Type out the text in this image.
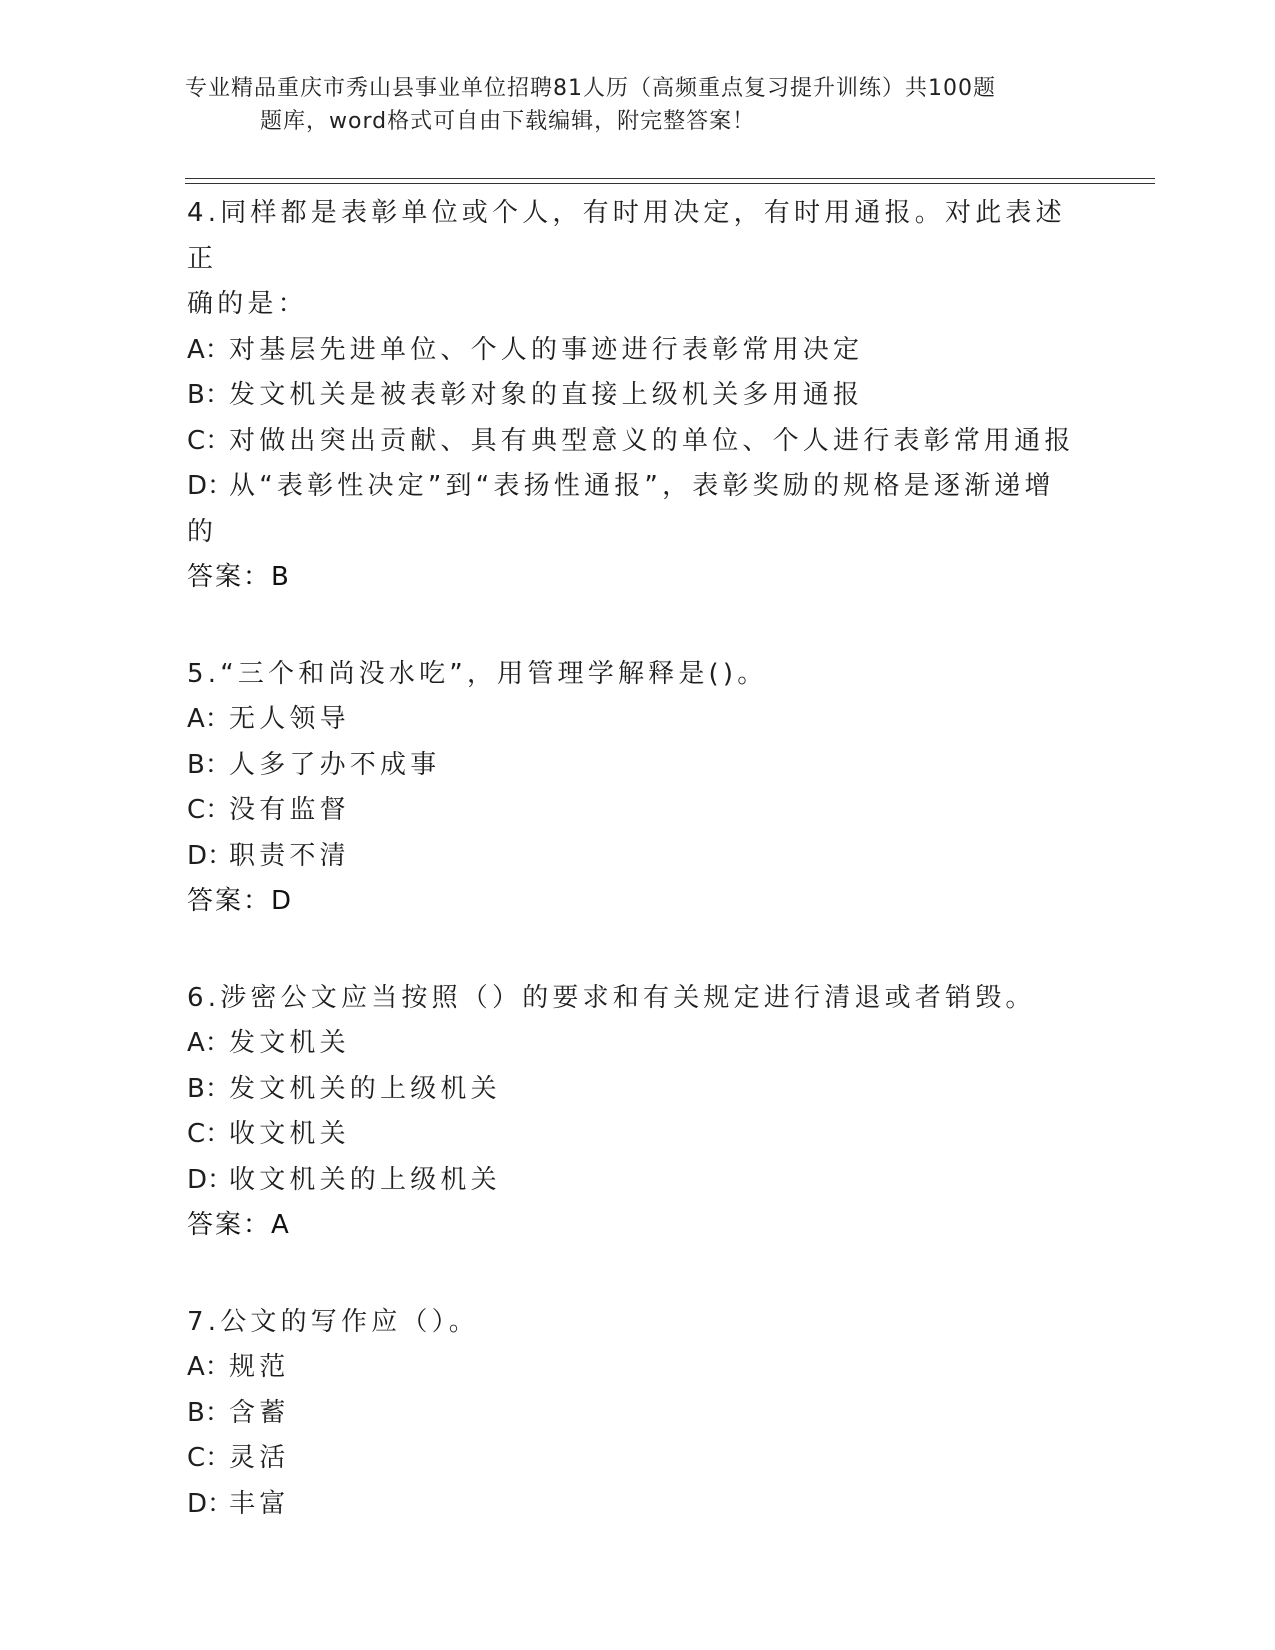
专业精品重庆市秀山县事业单位招聘81人历（高频重点复习提升训练）共100题
题库，word格式可自由下载编辑，附完整答案！
4.同样都是表彰单位或个人，有时用决定，有时用通报。对此表述正
确的是：
A：对基层先进单位、个人的事迹进行表彰常用决定
B：发文机关是被表彰对象的直接上级机关多用通报
C：对做出突出贡献、具有典型意义的单位、个人进行表彰常用通报
D：从“表彰性决定”到“表扬性通报”，表彰奖励的规格是逐渐递增
的
答案：B
5.“三个和尚没水吃”，用管理学解释是()。
A：无人领导
B：人多了办不成事
C：没有监督
D：职责不清
答案：D
6.涉密公文应当按照（）的要求和有关规定进行清退或者销毁。
A：发文机关
B：发文机关的上级机关
C：收文机关
D：收文机关的上级机关
答案：A
7.公文的写作应（）。
A：规范
B：含蓄
C：灵活
D：丰富
